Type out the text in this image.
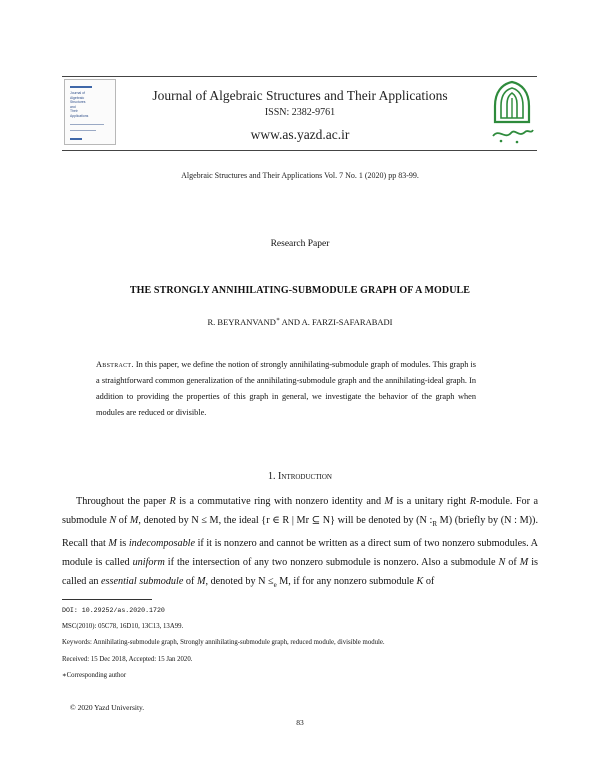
Journal of
Algebraic
Structures
and
Their
Applications
Journal of Algebraic Structures and Their Applications
ISSN: 2382-9761
www.as.yazd.ac.ir
Algebraic Structures and Their Applications Vol. 7 No. 1 (2020) pp 83-99.
Research Paper
THE STRONGLY ANNIHILATING-SUBMODULE GRAPH OF A MODULE
R. BEYRANVAND∗ AND A. FARZI-SAFARABADI
Abstract. In this paper, we define the notion of strongly annihilating-submodule graph of modules. This graph is a straightforward common generalization of the annihilating-submodule graph and the annihilating-ideal graph. In addition to providing the properties of this graph in general, we investigate the behavior of the graph when modules are reduced or divisible.
1. Introduction

Throughout the paper R is a commutative ring with nonzero identity and M is a unitary right R-module. For a submodule N of M, denoted by N ≤ M, the ideal {r ∈ R | Mr ⊆ N} will be denoted by (N $:_R$ M) (briefly by (N : M)). Recall that M is indecomposable if it is nonzero and cannot be written as a direct sum of two nonzero submodules. A module is called uniform if the intersection of any two nonzero submodule is nonzero. Also a submodule N of M is called an essential submodule of M, denoted by $N \le_e$ M, if for any nonzero submodule K of

DOI: 10.29252/as.2020.1720
MSC(2010): 05C78, 16D10, 13C13, 13A99.
Keywords: Annihilating-submodule graph, Strongly annihilating-submodule graph, reduced module, divisible module.
Received: 15 Dec 2018, Accepted: 15 Jan 2020.
∗Corresponding author
© 2020 Yazd University.
83
